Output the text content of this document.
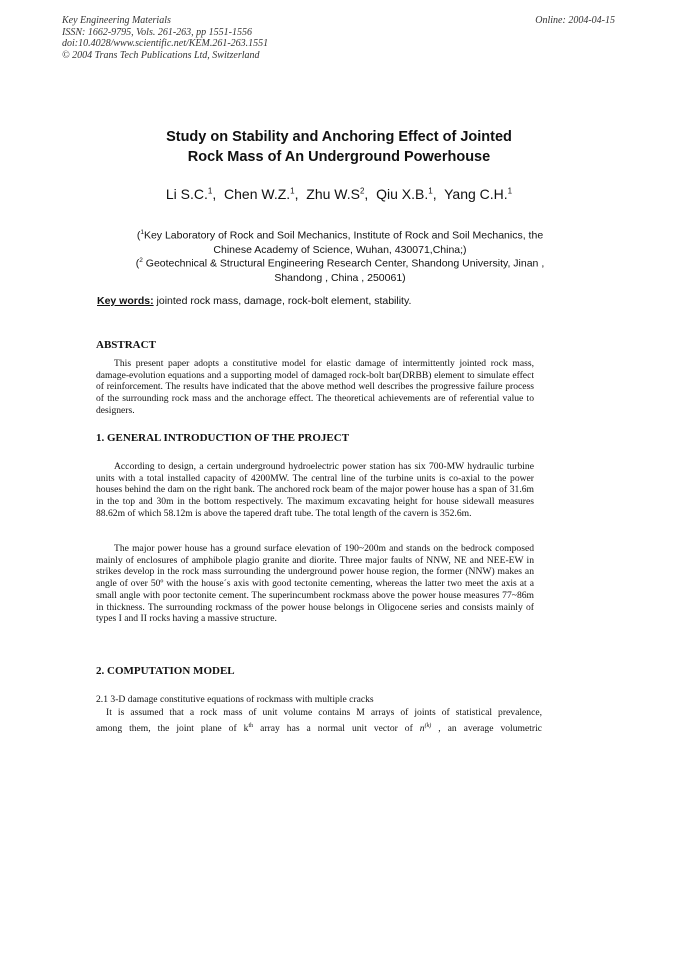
Key Engineering Materials
ISSN: 1662-9795, Vols. 261-263, pp 1551-1556
doi:10.4028/www.scientific.net/KEM.261-263.1551
© 2004 Trans Tech Publications Ltd, Switzerland
Online: 2004-04-15
Study on Stability and Anchoring Effect of Jointed
Rock Mass of An Underground Powerhouse
Li S.C.$^1$,  Chen W.Z.$^1$,  Zhu $W.S^2$,  Qiu X.B.$^1$,  Yang C.H.$^1$
($^1$Key Laboratory of Rock and Soil Mechanics, Institute of Rock and Soil Mechanics, the
Chinese Academy of Science, Wuhan, 430071,China;)
($^2$ Geotechnical & Structural Engineering Research Center, Shandong University, Jinan ,
Shandong , China , 250061)
Key words: jointed rock mass, damage, rock-bolt element, stability.
ABSTRACT
This present paper adopts a constitutive model for elastic damage of intermittently jointed rock mass, damage-evolution equations and a supporting model of damaged rock-bolt bar(DRBB) element to simulate effect of reinforcement. The results have indicated that the above method well describes the progressive failure process of the surrounding rock mass and the anchorage effect. The theoretical achievements are of referential value to designers.
1. GENERAL INTRODUCTION OF THE PROJECT
According to design, a certain underground hydroelectric power station has six 700-MW hydraulic turbine units with a total installed capacity of 4200MW. The central line of the turbine units is co-axial to the power houses behind the dam on the right bank. The anchored rock beam of the major power house has a span of 31.6m in the top and 30m in the bottom respectively. The maximum excavating height for house sidewall measures 88.62m of which 58.12m is above the tapered draft tube. The total length of the cavern is 352.6m.
The major power house has a ground surface elevation of 190~200m and stands on the bedrock composed mainly of enclosures of amphibole plagio granite and diorite. Three major faults of NNW, NE and NEE-EW in strikes develop in the rock mass surrounding the underground power house region, the former (NNW) makes an angle of over 50º with the house´s axis with good tectonite cementing, whereas the latter two meet the axis at a small angle with poor tectonite cement. The superincumbent rockmass above the power house measures 77~86m in thickness. The surrounding rockmass of the power house belongs in Oligocene series and consists mainly of types I and II rocks having a massive structure.
2. COMPUTATION MODEL
2.1 3-D damage constitutive equations of rockmass with multiple cracks
It is assumed that a rock mass of unit volume contains M arrays of joints of statistical prevalence,
among them, the joint plane of $k^{th}$ array has a normal unit vector of $n^{(k)}$ , an average volumetric
